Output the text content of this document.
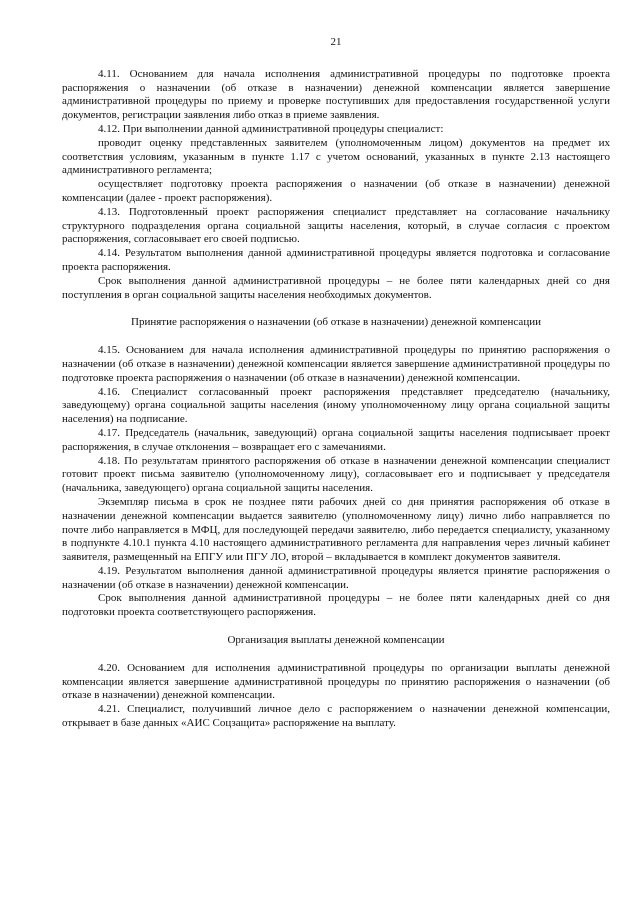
21

4.11. Основанием для начала исполнения административной процедуры по подготовке проекта распоряжения о назначении (об отказе в назначении) денежной компенсации является завершение административной процедуры по приему и проверке поступивших для предоставления государственной услуги документов, регистрации заявления либо отказ в приеме заявления.

4.12. При выполнении данной административной процедуры специалист:

проводит оценку представленных заявителем (уполномоченным лицом) документов на предмет их соответствия условиям, указанным в пункте 1.17 с учетом оснований, указанных в пункте 2.13 настоящего административного регламента;

осуществляет подготовку проекта распоряжения о назначении (об отказе в назначении) денежной компенсации (далее - проект распоряжения).

4.13. Подготовленный проект распоряжения специалист представляет на согласование начальнику структурного подразделения органа социальной защиты населения, который, в случае согласия с проектом распоряжения, согласовывает его своей подписью.

4.14. Результатом выполнения данной административной процедуры является подготовка и согласование проекта распоряжения.

Срок выполнения данной административной процедуры – не более пяти календарных дней со дня поступления в орган социальной защиты населения необходимых документов.

Принятие распоряжения о назначении (об отказе в назначении) денежной компенсации

4.15. Основанием для начала исполнения административной процедуры по принятию распоряжения о назначении (об отказе в назначении) денежной компенсации является завершение административной процедуры по подготовке проекта распоряжения о назначении (об отказе в назначении) денежной компенсации.

4.16. Специалист согласованный проект распоряжения представляет председателю (начальнику, заведующему) органа социальной защиты населения (иному уполномоченному лицу органа социальной защиты населения) на подписание.

4.17. Председатель (начальник, заведующий) органа социальной защиты населения подписывает проект распоряжения, в случае отклонения – возвращает его с замечаниями.

4.18. По результатам принятого распоряжения об отказе в назначении денежной компенсации специалист готовит проект письма заявителю (уполномоченному лицу), согласовывает его и подписывает у председателя (начальника, заведующего) органа социальной защиты населения.

Экземпляр письма в срок не позднее пяти рабочих дней со дня принятия распоряжения об отказе в назначении денежной компенсации выдается заявителю (уполномоченному лицу) лично либо направляется по почте либо направляется в МФЦ, для последующей передачи заявителю, либо передается специалисту, указанному в подпункте 4.10.1 пункта 4.10 настоящего административного регламента для направления через личный кабинет заявителя, размещенный на ЕПГУ или ПГУ ЛО, второй – вкладывается в комплект документов заявителя.

4.19. Результатом выполнения данной административной процедуры является принятие распоряжения о назначении (об отказе в назначении) денежной компенсации.

Срок выполнения данной административной процедуры – не более пяти календарных дней со дня подготовки проекта соответствующего распоряжения.

Организация выплаты денежной компенсации

4.20. Основанием для исполнения административной процедуры по организации выплаты денежной компенсации является завершение административной процедуры по принятию распоряжения о назначении (об отказе в назначении) денежной компенсации.

4.21. Специалист, получивший личное дело с распоряжением о назначении денежной компенсации, открывает в базе данных «АИС Соцзащита» распоряжение на выплату.
